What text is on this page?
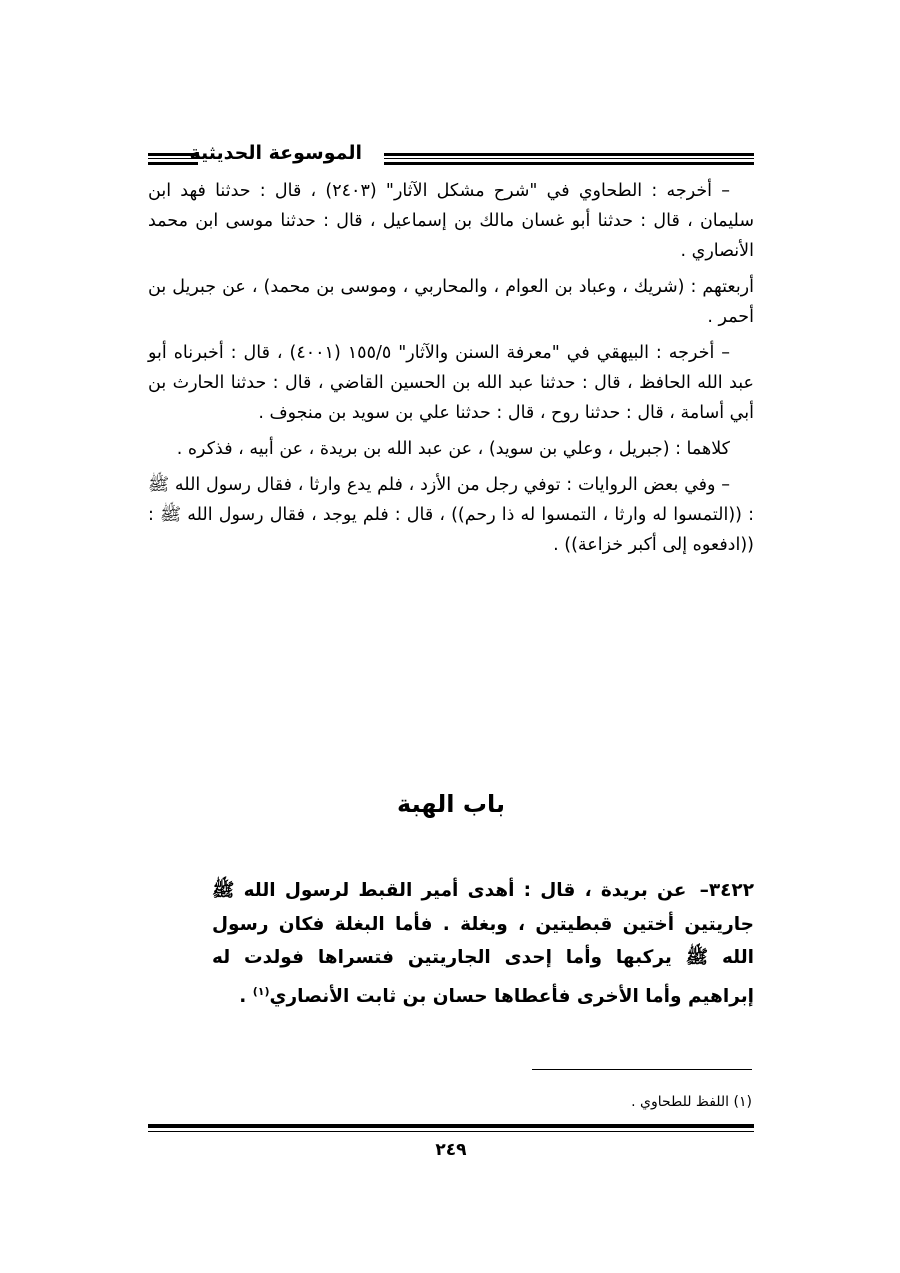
الموسوعة الحديثية

– أخرجه : الطحاوي في "شرح مشكل الآثار" (٢٤٠٣) ، قال : حدثنا فهد ابن سليمان ، قال : حدثنا أبو غسان مالك بن إسماعيل ، قال : حدثنا موسى ابن محمد الأنصاري .

أربعتهم : (شريك ، وعباد بن العوام ، والمحاربي ، وموسى بن محمد) ، عن جبريل بن أحمر .

– أخرجه : البيهقي في "معرفة السنن والآثار" ١٥٥/٥ (٤٠٠١) ، قال : أخبرناه أبو عبد الله الحافظ ، قال : حدثنا عبد الله بن الحسين القاضي ، قال : حدثنا الحارث بن أبي أسامة ، قال : حدثنا روح ، قال : حدثنا علي بن سويد بن منجوف .

كلاهما : (جبريل ، وعلي بن سويد) ، عن عبد الله بن بريدة ، عن أبيه ، فذكره .

– وفي بعض الروايات : توفي رجل من الأزد ، فلم يدع وارثا ، فقال رسول الله ﷺ : ((التمسوا له وارثا ، التمسوا له ذا رحم)) ، قال : فلم يوجد ، فقال رسول الله ﷺ : ((ادفعوه إلى أكبر خزاعة)) .

باب الهبة
٣٤٢٢– عن بريدة ، قال : أهدى أمير القبط لرسول الله ﷺ جاريتين أختين قبطيتين ، وبغلة . فأما البغلة فكان رسول الله ﷺ يركبها وأما إحدى الجاريتين فتسراها فولدت له إبراهيم وأما الأخرى فأعطاها حسان بن ثابت الأنصاري$^{(١)}$ .
(١) اللفظ للطحاوي .
٢٤٩
